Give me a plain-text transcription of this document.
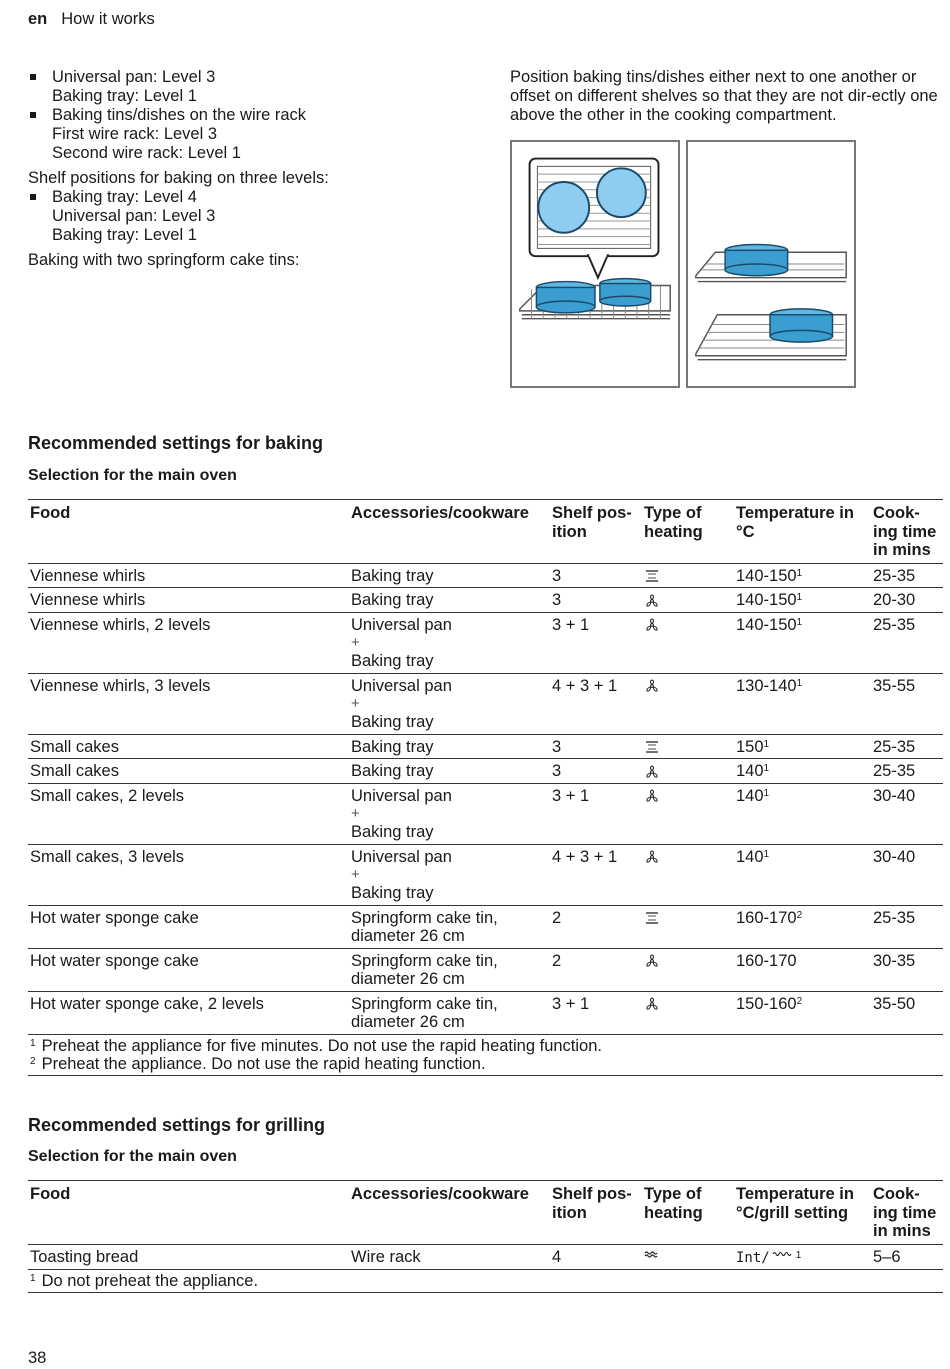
en How it works
Universal pan: Level 3
Baking tray: Level 1
Baking tins/dishes on the wire rack
First wire rack: Level 3
Second wire rack: Level 1

Shelf positions for baking on three levels:

Baking tray: Level 4
Universal pan: Level 3
Baking tray: Level 1

Baking with two springform cake tins:

Position baking tins/dishes either next to one another or offset on different shelves so that they are not dir-ectly one above the other in the cooking compartment.

Recommended settings for baking
Selection for the main oven
Food	Accessories/cookware	Shelf pos-ition	Type of heating	Temperature in °C	Cook-ing time in mins
Viennese whirls	Baking tray	3		$140-150^1$	25-35
Viennese whirls	Baking tray	3		$140-150^1$	20-30
Viennese whirls, 2 levels	Universal pan
+
Baking tray	3 + 1		$140-150^1$	25-35
Viennese whirls, 3 levels	Universal pan
+
Baking tray	4 + 3 + 1		$130-140^1$	35-55
Small cakes	Baking tray	3		$150^1$	25-35
Small cakes	Baking tray	3		$140^1$	25-35
Small cakes, 2 levels	Universal pan
+
Baking tray	3 + 1		$140^1$	30-40
Small cakes, 3 levels	Universal pan
+
Baking tray	4 + 3 + 1		$140^1$	30-40
Hot water sponge cake	Springform cake tin,
diameter 26 cm	2		$160-170^2$	25-35
Hot water sponge cake	Springform cake tin,
diameter 26 cm	2		160-170	30-35
Hot water sponge cake, 2 levels	Springform cake tin,
diameter 26 cm	3 + 1		$150-160^2$	35-50

$^1$ Preheat the appliance for five minutes. Do not use the rapid heating function.
$^2$ Preheat the appliance. Do not use the rapid heating function.					
Recommended settings for grilling
Selection for the main oven
Food	Accessories/cookware	Shelf pos-ition	Type of heating	Temperature in °C/grill setting	Cook-ing time in mins
Toasting bread	Wire rack	4		Int/ $^1$	5–6

$^1$ Do not preheat the appliance.					
38
